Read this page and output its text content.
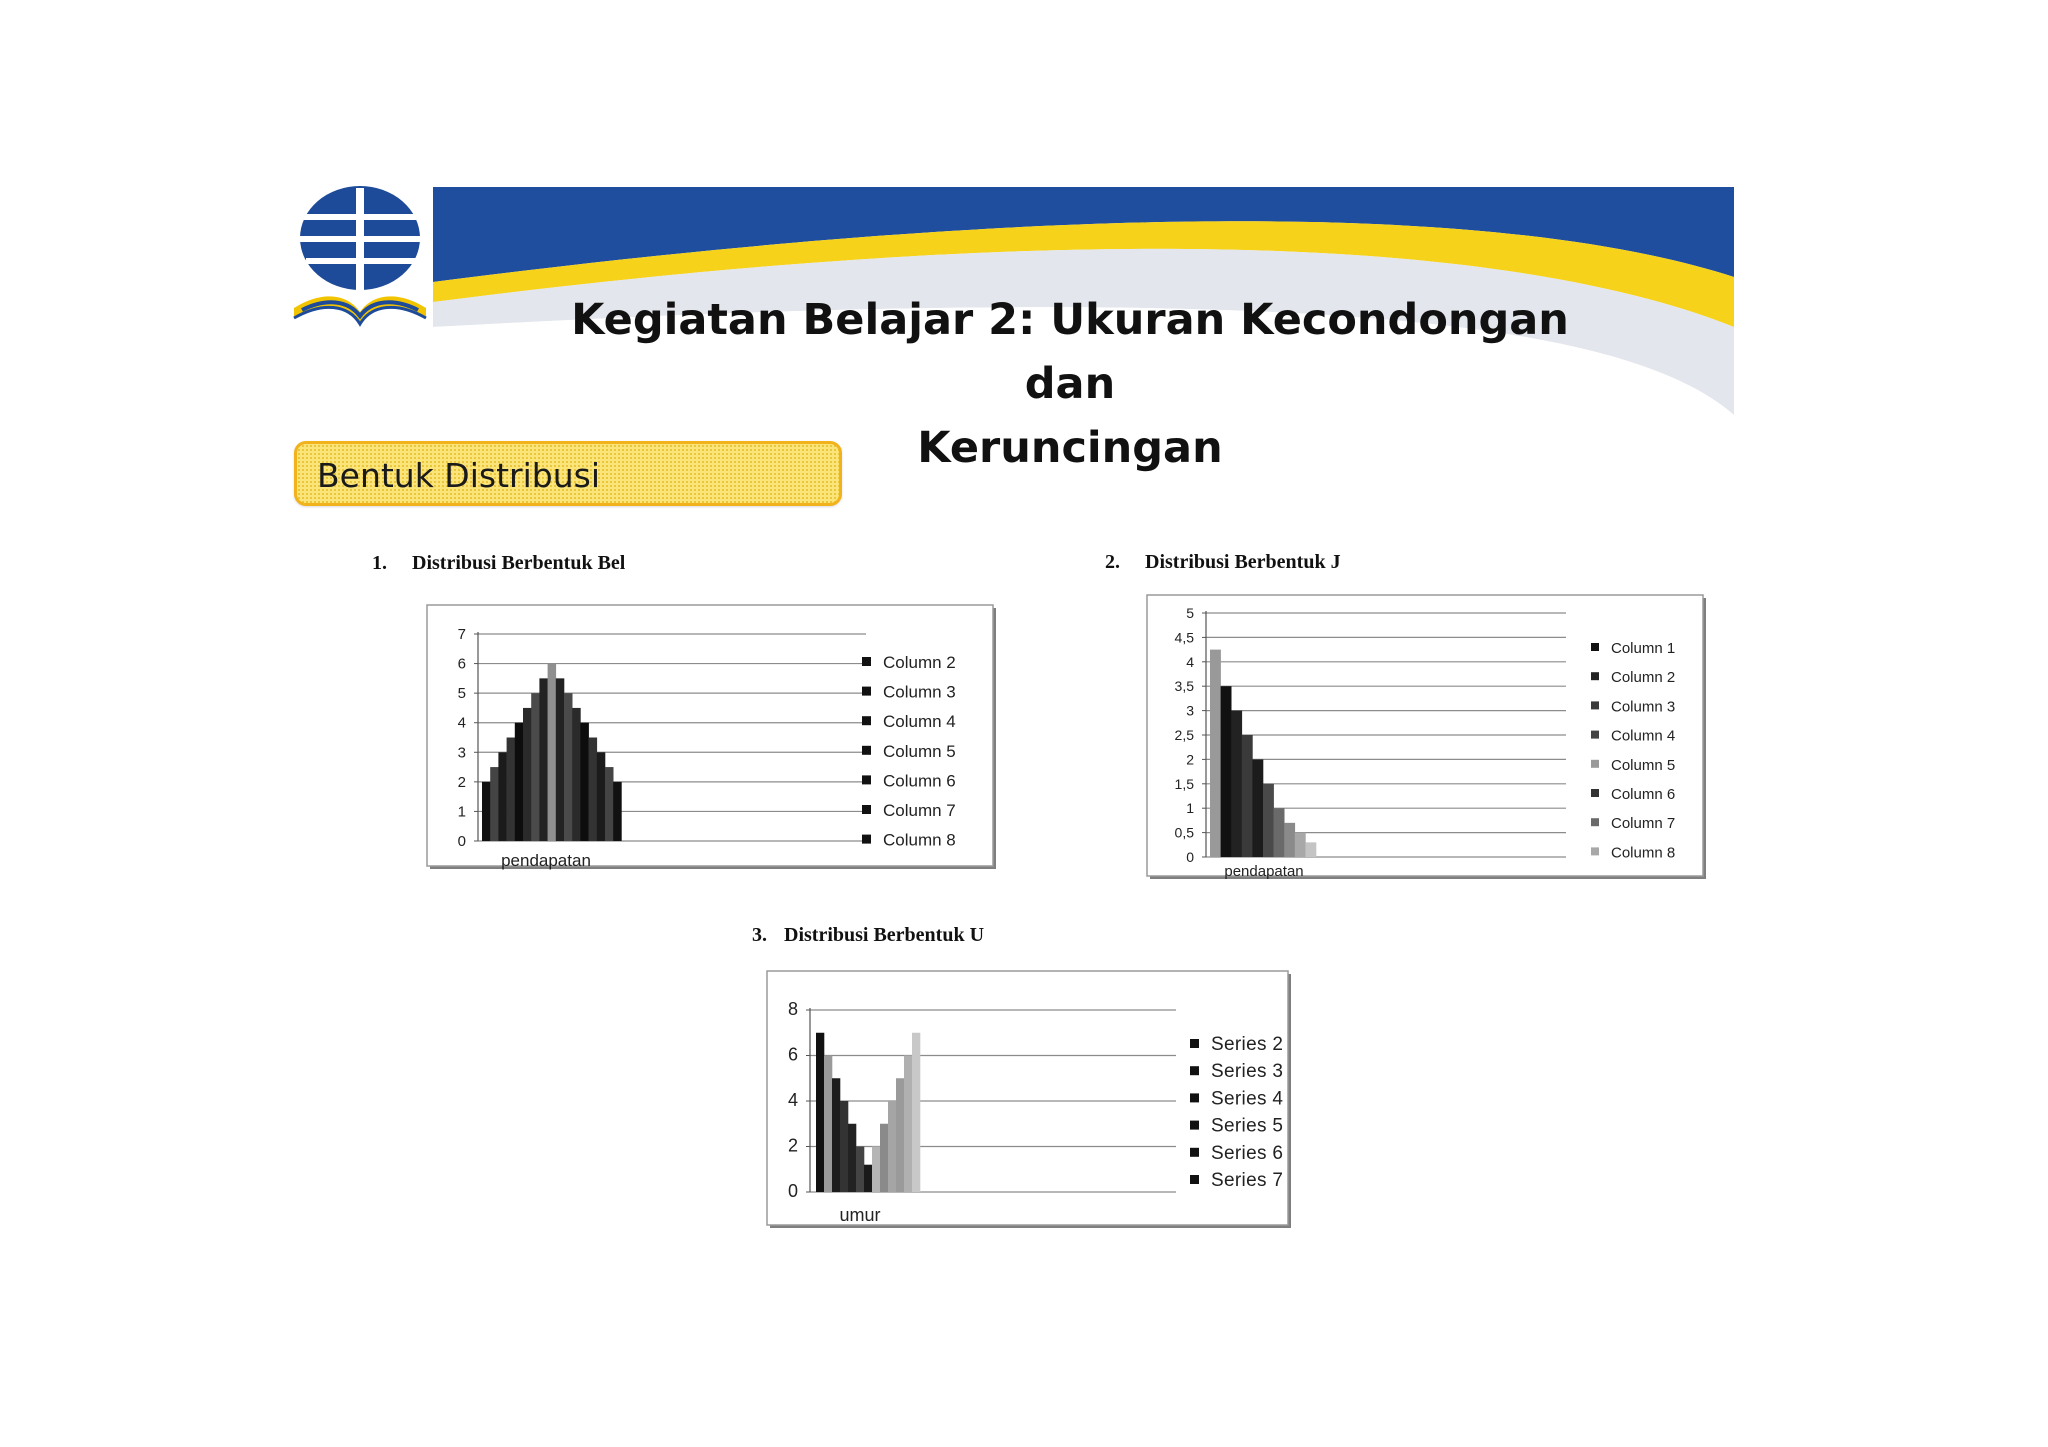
Kegiatan Belajar 2: Ukuran Kecondongan dan
Keruncingan
Bentuk Distribusi
1. Distribusi Berbentuk Bel	2. Distribusi Berbentuk J
3. Distribusi Berbentuk U
0
1
2
3
4
5
6
7
pendapatan
Column 2
Column 3
Column 4
Column 5
Column 6
Column 7
Column 8
0
0,5
1
1,5
2
2,5
3
3,5
4
4,5
5
pendapatan
Column 1
Column 2
Column 3
Column 4
Column 5
Column 6
Column 7
Column 8
0
2
4
6
8
umur
Series 2
Series 3
Series 4
Series 5
Series 6
Series 7
